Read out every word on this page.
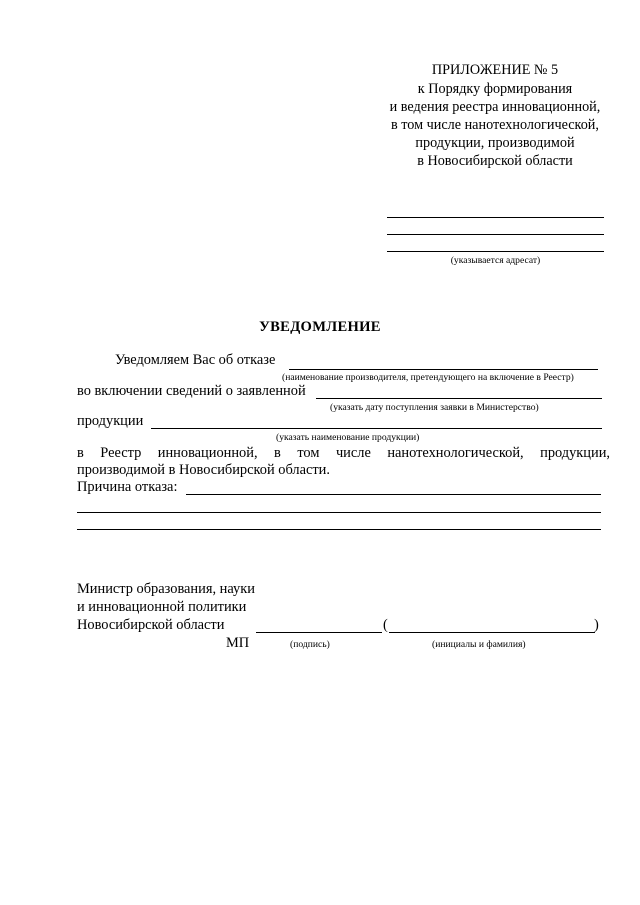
ПРИЛОЖЕНИЕ № 5
к Порядку формирования
и ведения реестра инновационной,
в том числе нанотехнологической,
продукции, производимой
в Новосибирской области
(указывается адресат)
УВЕДОМЛЕНИЕ
Уведомляем Вас об отказе
(наименование производителя, претендующего на включение в Реестр)
во включении сведений о заявленной
(указать дату поступления заявки в Министерство)
продукции
(указать наименование продукции)
в Реестр инновационной, в том числе нанотехнологической, продукции,
производимой в Новосибирской области.
Причина отказа:
Министр образования, науки
и инновационной политики
Новосибирской области	(	)
МП	(подпись)	(инициалы и фамилия)
